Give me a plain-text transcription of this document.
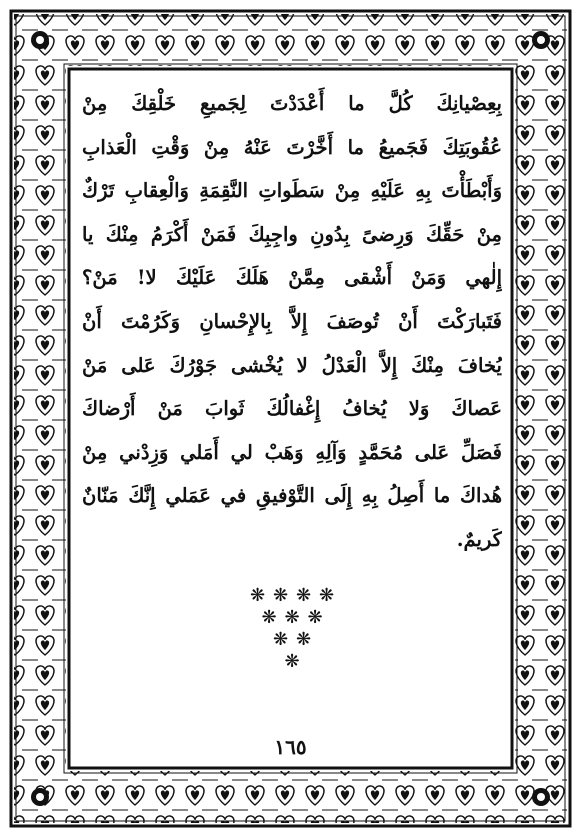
بِعِصْيانِكَ كُلَّ ما أَعْدَدْتَ لِجَميعِ خَلْقِكَ مِنْ
عُقُوبَتِكَ فَجَميعُ ما أَخَّرْتَ عَنْهُ مِنْ وَقْتِ الْعَذابِ
وَأَبْطَأْتَ بِهِ عَلَيْهِ مِنْ سَطَواتِ النَّقِمَةِ وَالْعِقابِ تَرْكٌ
مِنْ حَقِّكَ وَرِضىً بِدُونِ واجِبِكَ فَمَنْ أَكْرَمُ مِنْكَ يا
إِلٰهي وَمَنْ أَشْقى مِمَّنْ هَلَكَ عَلَيْكَ لا! مَنْ؟
فَتَبارَكْتَ أَنْ تُوصَفَ إِلاَّ بِالإِحْسانِ وَكَرُمْتَ أَنْ
يُخافَ مِنْكَ إِلاَّ الْعَدْلُ لا يُخْشى جَوْرُكَ عَلى مَنْ
عَصاكَ وَلا يُخافُ إِغْفالُكَ ثَوابَ مَنْ أَرْضاكَ
فَصَلِّ عَلى مُحَمَّدٍ وَآلِهِ وَهَبْ لي أَمَلي وَزِدْني مِنْ
هُداكَ ما أَصِلُ بِهِ إِلَى التَّوْفيقِ في عَمَلي إِنَّكَ مَنّانٌ
كَريمٌ.
❋ ❋ ❋ ❋
❋ ❋ ❋
❋ ❋
❋
١٦٥
